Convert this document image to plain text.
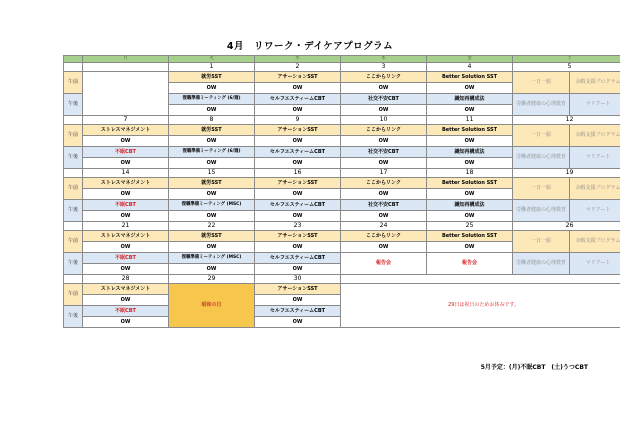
4月　リワーク・デイケアプログラム
	月	火	水	木	金	土	
		1	2	3	4	5	
午前		就労SST	アサーションSST	ここからリンク	Better Solution SST	一日一服	余暇支援プログラム
		OW	OW	OW	OW		
午後		復職準備ミーティング (6/週)	セルフエスティームCBT	社交不安CBT	識知再構成法	労働者健康の心理教育	マリアート
		OW	OW	OW	OW		
	7	8	9	10	11	12	
午前	ストレスマネジメント	就労SST	アサーションSST	ここからリンク	Better Solution SST	一日一服	余暇支援プログラム
	OW	OW	OW	OW	OW		
午後	不眠CBT	復職準備ミーティング (6/週)	セルフエスティームCBT	社交不安CBT	識知再構成法	労働者健康の心理教育	マリアート
	OW	OW	OW	OW	OW		
	14	15	16	17	18	19	
午前	ストレスマネジメント	就労SST	アサーションSST	ここからリンク	Better Solution SST	一日一服	余暇支援プログラム
	OW	OW	OW	OW	OW		
午後	不眠CBT	復職準備ミーティング (MSC)	セルフエスティームCBT	社交不安CBT	識知再構成法	労働者健康の心理教育	マリアート
	OW	OW	OW	OW	OW		
	21	22	23	24	25	26	
午前	ストレスマネジメント	就労SST	アサーションSST	ここからリンク	Better Solution SST	一日一服	余暇支援プログラム
	OW	OW	OW	OW	OW		
午後	不眠CBT	復職準備ミーティング (MSC)	セルフエスティームCBT	報告会	報告会	労働者健康の心理教育	マリアート
	OW	OW	OW				
	28	29	30				
午前	ストレスマネジメント	昭和の日	アサーションSST	29日は祝日のためお休みです。			
	OW		OW				
午後	不眠CBT		セルフエスティームCBT				
	OW		OW				
5月予定：(月)不眠CBT　(土)うつCBT
